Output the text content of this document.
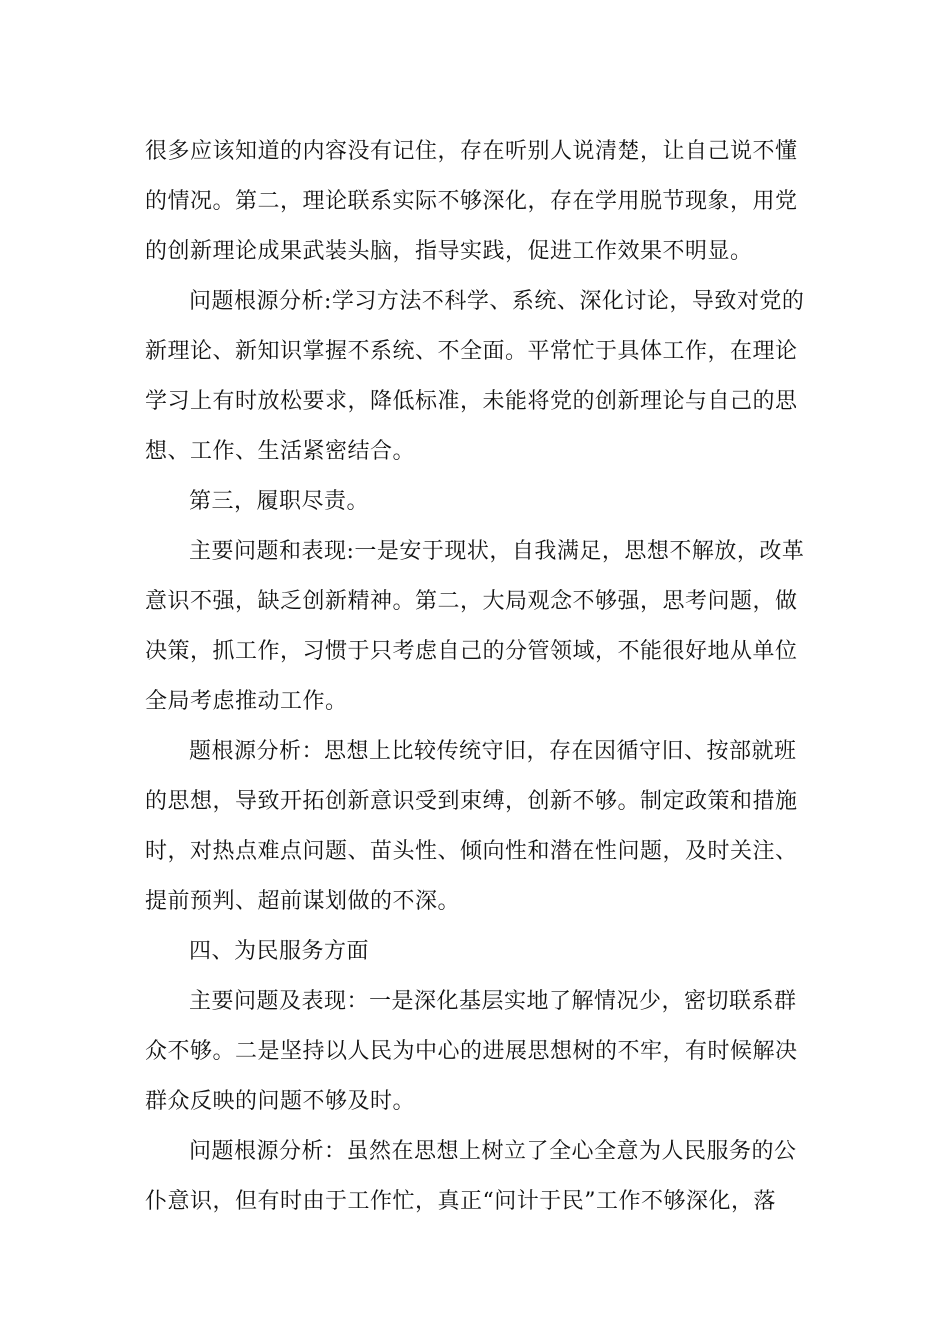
很多应该知道的内容没有记住，存在听别人说清楚，让自己说不懂
的情况。第二，理论联系实际不够深化，存在学用脱节现象，用党
的创新理论成果武装头脑，指导实践，促进工作效果不明显。

问题根源分析:学习方法不科学、系统、深化讨论，导致对党的
新理论、新知识掌握不系统、不全面。平常忙于具体工作，在理论
学习上有时放松要求，降低标准，未能将党的创新理论与自己的思
想、工作、生活紧密结合。

第三，履职尽责。

主要问题和表现:一是安于现状，自我满足，思想不解放，改革
意识不强，缺乏创新精神。第二，大局观念不够强，思考问题，做
决策，抓工作，习惯于只考虑自己的分管领域，不能很好地从单位
全局考虑推动工作。

题根源分析：思想上比较传统守旧，存在因循守旧、按部就班
的思想，导致开拓创新意识受到束缚，创新不够。制定政策和措施
时，对热点难点问题、苗头性、倾向性和潜在性问题，及时关注、
提前预判、超前谋划做的不深。

四、为民服务方面

主要问题及表现：一是深化基层实地了解情况少，密切联系群
众不够。二是坚持以人民为中心的进展思想树的不牢，有时候解决
群众反映的问题不够及时。

问题根源分析：虽然在思想上树立了全心全意为人民服务的公
仆意识，但有时由于工作忙，真正“问计于民”工作不够深化，落
